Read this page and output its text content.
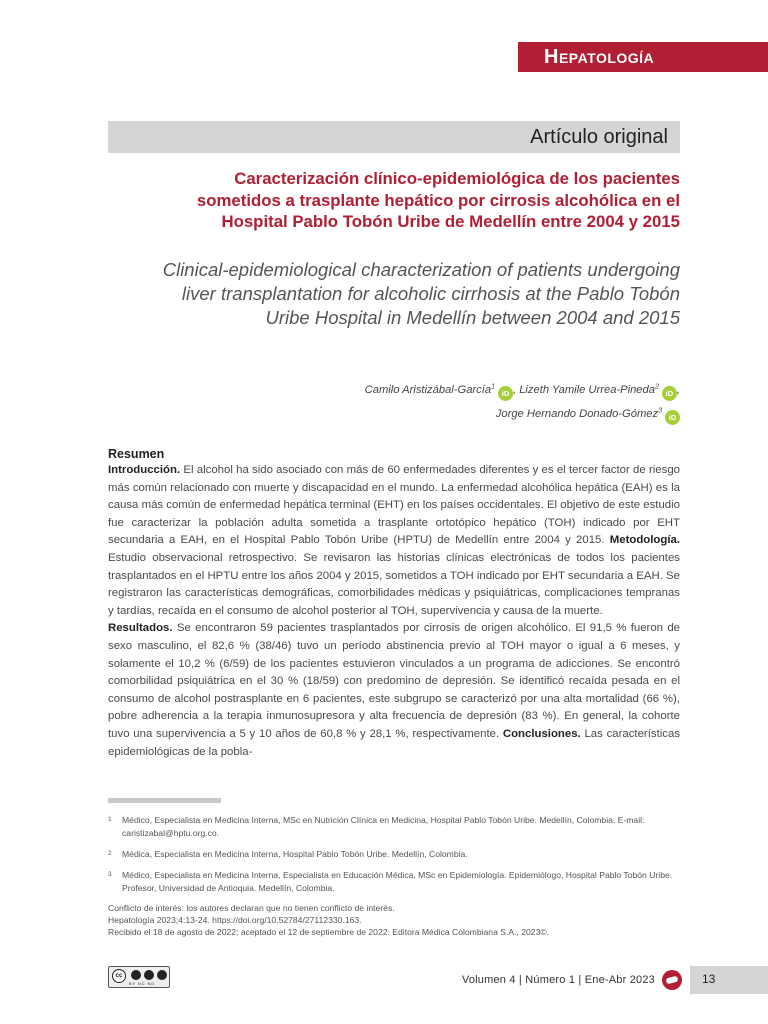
Hepatología
Artículo original
Caracterización clínico-epidemiológica de los pacientes sometidos a trasplante hepático por cirrosis alcohólica en el Hospital Pablo Tobón Uribe de Medellín entre 2004 y 2015
Clinical-epidemiological characterization of patients undergoing liver transplantation for alcoholic cirrhosis at the Pablo Tobón Uribe Hospital in Medellín between 2004 and 2015
Camilo Aristizábal-García$^1$iD , Lizeth Yamile Urrea-Pineda$^2$iD ,
Jorge Hernando Donado-Gómez$^3$iD
Resumen

Introducción. El alcohol ha sido asociado con más de 60 enfermedades diferentes y es el tercer factor de riesgo más común relacionado con muerte y discapacidad en el mundo. La enfermedad alcohólica hepática (EAH) es la causa más común de enfermedad hepática terminal (EHT) en los países occidentales. El objetivo de este estudio fue caracterizar la población adulta sometida a trasplante ortotópico hepático (TOH) indicado por EHT secundaria a EAH, en el Hospital Pablo Tobón Uribe (HPTU) de Medellín entre 2004 y 2015. Metodología. Estudio observacional retrospectivo. Se revisaron las historias clínicas electrónicas de todos los pacientes trasplantados en el HPTU entre los años 2004 y 2015, sometidos a TOH indicado por EHT secundaria a EAH. Se registraron las características demográficas, comorbilidades médicas y psiquiátricas, complicaciones tempranas y tardías, recaída en el consumo de alcohol posterior al TOH, supervivencia y causa de la muerte.
Resultados. Se encontraron 59 pacientes trasplantados por cirrosis de origen alcohólico. El 91,5 % fueron de sexo masculino, el 82,6 % (38/46) tuvo un período abstinencia previo al TOH mayor o igual a 6 meses, y solamente el 10,2 % (6/59) de los pacientes estuvieron vinculados a un programa de adicciones. Se encontró comorbilidad psiquiátrica en el 30 % (18/59) con predomino de depresión. Se identificó recaída pesada en el consumo de alcohol postrasplante en 6 pacientes, este subgrupo se caracterizó por una alta mortalidad (66 %), pobre adherencia a la terapia inmunosupresora y alta frecuencia de depresión (83 %). En general, la cohorte tuvo una supervivencia a 5 y 10 años de 60,8 % y 28,1 %, respectivamente. Conclusiones. Las características epidemiológicas de la pobla-

1 Médico, Especialista en Medicina Interna, MSc en Nutrición Clínica en Medicina, Hospital Pablo Tobón Uribe. Medellín, Colombia. E-mail: caristizabal@hptu.org.co.
2 Médica, Especialista en Medicina Interna, Hospital Pablo Tobón Uribe. Medellín, Colombia.
3 Médico, Especialista en Medicina Interna, Especialista en Educación Médica, MSc en Epidemiología. Epidemiólogo, Hospital Pablo Tobón Uribe. Profesor, Universidad de Antioquia. Medellín, Colombia.
Conflicto de interés: los autores declaran que no tienen conflicto de interés.
Hepatología 2023;4:13-24. https://doi.org/10.52784/27112330.163.
Recibido el 18 de agosto de 2022; aceptado el 12 de septiembre de 2022. Editora Médica Colombiana S.A., 2023©.
cc
BY NC ND	Volumen 4 | Número 1 | Ene-Abr 2023	13
